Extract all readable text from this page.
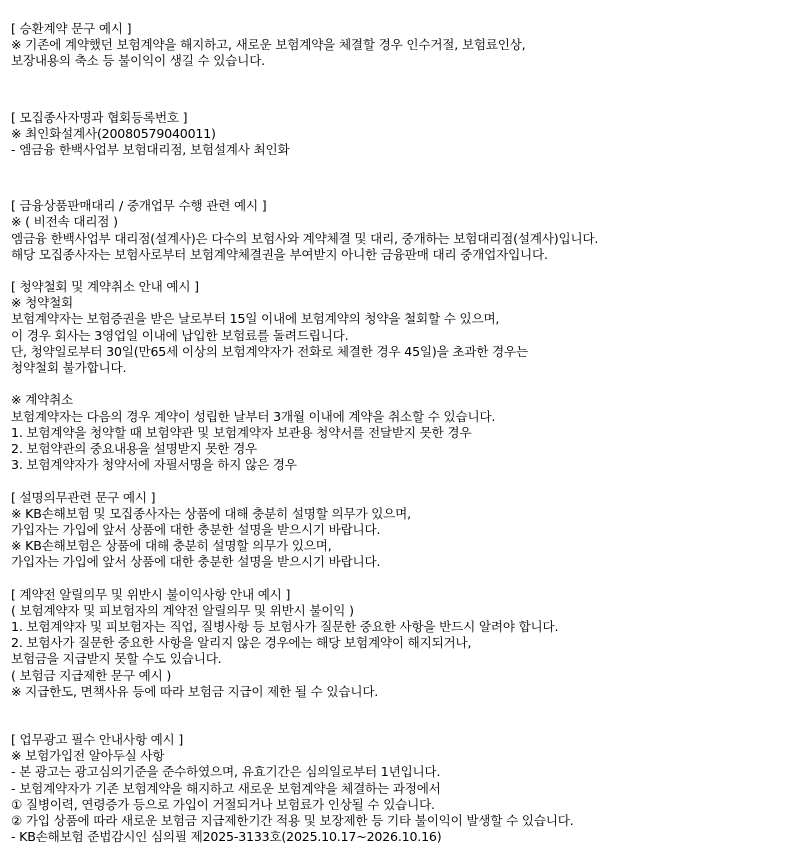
[ 승환계약 문구 예시 ]
※ 기존에 계약했던 보험계약을 해지하고, 새로운 보험계약을 체결할 경우 인수거절, 보험료인상,
보장내용의 축소 등 불이익이 생길 수 있습니다.
[ 모집종사자명과 협회등록번호 ]
※ 최인화설계사(20080579040011)
- 엠금융 한백사업부 보험대리점, 보험설계사 최인화
[ 금융상품판매대리 / 중개업무 수행 관련 예시 ]
※ ( 비전속 대리점 )
엠금융 한백사업부 대리점(설계사)은 다수의 보험사와 계약체결 및 대리, 중개하는 보험대리점(설계사)입니다.
해당 모집종사자는 보험사로부터 보험계약체결권을 부여받지 아니한 금융판매 대리 중개업자입니다.
[ 청약철회 및 계약취소 안내 예시 ]
※ 청약철회
보험계약자는 보험증권을 받은 날로부터 15일 이내에 보험계약의 청약을 철회할 수 있으며,
이 경우 회사는 3영업일 이내에 납입한 보험료를 돌려드립니다.
단, 청약일로부터 30일(만65세 이상의 보험계약자가 전화로 체결한 경우 45일)을 초과한 경우는
청약철회 불가합니다.
※ 계약취소
보험계약자는 다음의 경우 계약이 성립한 날부터 3개월 이내에 계약을 취소할 수 있습니다.
1. 보험계약을 청약할 때 보험약관 및 보험계약자 보관용 청약서를 전달받지 못한 경우
2. 보험약관의 중요내용을 설명받지 못한 경우
3. 보험계약자가 청약서에 자필서명을 하지 않은 경우
[ 설명의무관련 문구 예시 ]
※ KB손해보험 및 모집종사자는 상품에 대해 충분히 설명할 의무가 있으며,
가입자는 가입에 앞서 상품에 대한 충분한 설명을 받으시기 바랍니다.
※ KB손해보험은 상품에 대해 충분히 설명할 의무가 있으며,
가입자는 가입에 앞서 상품에 대한 충분한 설명을 받으시기 바랍니다.
[ 계약전 알릴의무 및 위반시 불이익사항 안내 예시 ]
( 보험계약자 및 피보험자의 계약전 알릴의무 및 위반시 불이익 )
1. 보험계약자 및 피보험자는 직업, 질병사항 등 보험사가 질문한 중요한 사항을 반드시 알려야 합니다.
2. 보험사가 질문한 중요한 사항을 알리지 않은 경우에는 해당 보험계약이 해지되거나,
보험금을 지급받지 못할 수도 있습니다.
( 보험금 지급제한 문구 예시 )
※ 지급한도, 면책사유 등에 따라 보험금 지급이 제한 될 수 있습니다.
[ 업무광고 필수 안내사항 예시 ]
※ 보험가입전 알아두실 사항
- 본 광고는 광고심의기준을 준수하였으며, 유효기간은 심의일로부터 1년입니다.
- 보험계약자가 기존 보험계약을 해지하고 새로운 보험계약을 체결하는 과정에서
① 질병이력, 연령증가 등으로 가입이 거절되거나 보험료가 인상될 수 있습니다.
② 가입 상품에 따라 새로운 보험금 지급제한기간 적용 및 보장제한 등 기타 불이익이 발생할 수 있습니다.
- KB손해보험 준법감시인 심의필 제2025-3133호(2025.10.17~2026.10.16)
